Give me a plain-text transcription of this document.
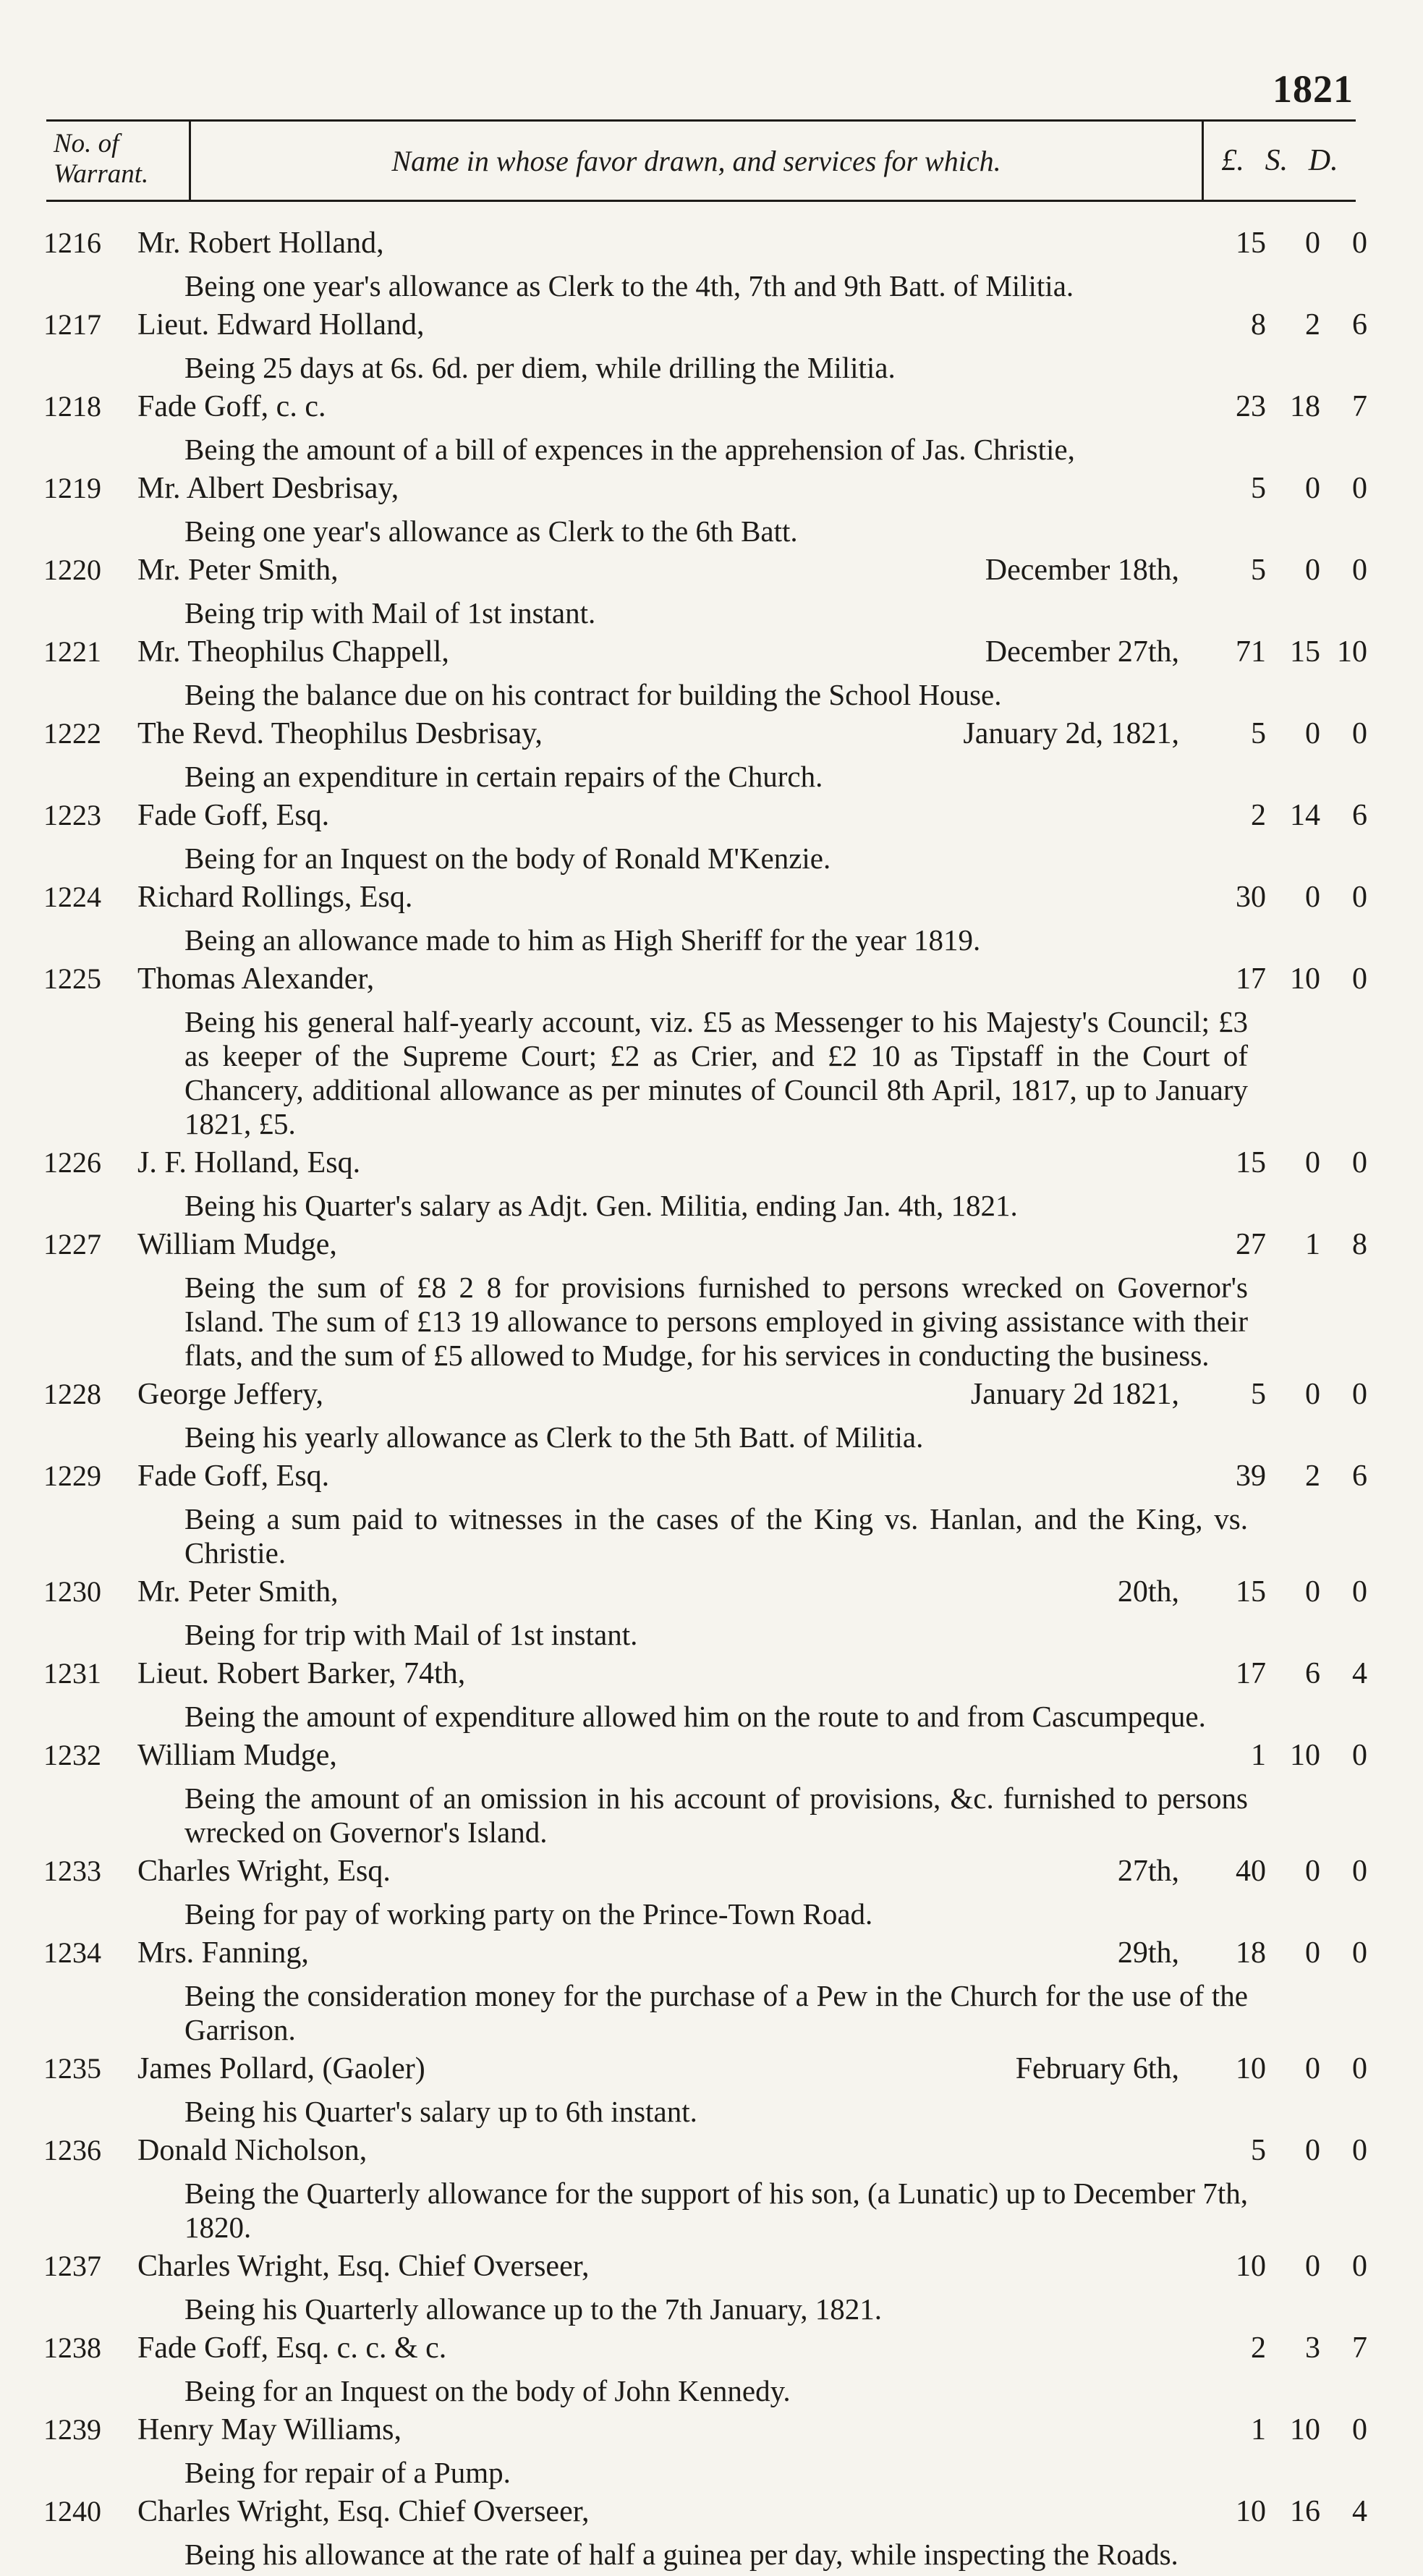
1821
No. of Warrant.	Name in whose favor drawn, and services for which.	£. S. D.
1216	Mr. Robert Holland,	15	0	0
Being one year's allowance as Clerk to the 4th, 7th and 9th Batt. of Militia.
1217	Lieut. Edward Holland,	8	2	6
Being 25 days at 6s. 6d. per diem, while drilling the Militia.
1218	Fade Goff, c. c.	23 18	7
Being the amount of a bill of expences in the apprehension of Jas. Christie,
1219	Mr. Albert Desbrisay,	5	0	0
Being one year's allowance as Clerk to the 6th Batt.
1220	Mr. Peter Smith,	December 18th,	5	0	0
Being trip with Mail of 1st instant.
1221	Mr. Theophilus Chappell,	December 27th,	71 15 10
Being the balance due on his contract for building the School House.
1222	The Revd. Theophilus Desbrisay,	January 2d, 1821,	5	0	0
Being an expenditure in certain repairs of the Church.
1223	Fade Goff, Esq.	2 14	6
Being for an Inquest on the body of Ronald M'Kenzie.
1224	Richard Rollings, Esq.	30	0	0
Being an allowance made to him as High Sheriff for the year 1819.
1225	Thomas Alexander,	17 10	0
Being his general half-yearly account, viz. £5 as Messenger to his Majesty's Council; £3 as keeper of the Supreme Court; £2 as Crier, and £2 10 as Tipstaff in the Court of Chancery, additional allowance as per minutes of Council 8th April, 1817, up to January 1821, £5.
1226	J. F. Holland, Esq.	15	0	0
Being his Quarter's salary as Adjt. Gen. Militia, ending Jan. 4th, 1821.
1227	William Mudge,	27	1	8
Being the sum of £8 2 8 for provisions furnished to persons wrecked on Governor's Island. The sum of £13 19 allowance to persons employed in giving assistance with their flats, and the sum of £5 allowed to Mudge, for his services in conducting the business.
1228	George Jeffery,	January 2d 1821,	5	0	0
Being his yearly allowance as Clerk to the 5th Batt. of Militia.
1229	Fade Goff, Esq.	39	2	6
Being a sum paid to witnesses in the cases of the King vs. Hanlan, and the King, vs. Christie.
1230	Mr. Peter Smith,	20th,	15	0	0
Being for trip with Mail of 1st instant.
1231	Lieut. Robert Barker, 74th,	17	6	4
Being the amount of expenditure allowed him on the route to and from Cascumpeque.
1232	William Mudge,	1 10	0
Being the amount of an omission in his account of provisions, &c. furnished to persons wrecked on Governor's Island.
1233	Charles Wright, Esq.	27th,	40	0	0
Being for pay of working party on the Prince-Town Road.
1234	Mrs. Fanning,	29th,	18	0	0
Being the consideration money for the purchase of a Pew in the Church for the use of the Garrison.
1235	James Pollard, (Gaoler)	February 6th,	10	0	0
Being his Quarter's salary up to 6th instant.
1236	Donald Nicholson,	5	0	0
Being the Quarterly allowance for the support of his son, (a Lunatic) up to December 7th, 1820.
1237	Charles Wright, Esq. Chief Overseer,	10	0	0
Being his Quarterly allowance up to the 7th January, 1821.
1238	Fade Goff, Esq. c. c. & c.	2	3	7
Being for an Inquest on the body of John Kennedy.
1239	Henry May Williams,	1 10	0
Being for repair of a Pump.
1240	Charles Wright, Esq. Chief Overseer,	10 16	4
Being his allowance at the rate of half a guinea per day, while inspecting the Roads.
